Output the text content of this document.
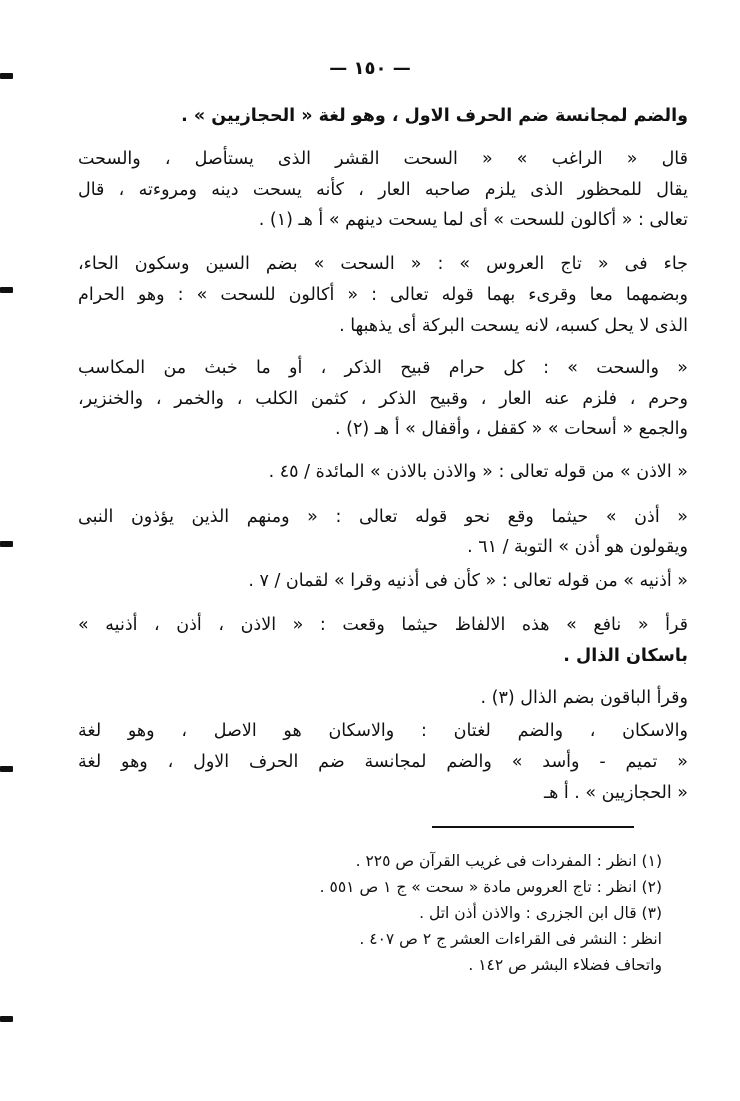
— ١٥٠ —
والضم لمجانسة ضم الحرف الاول ، وهو لغة « الحجازيين » .
قال « الراغب » « السحت القشر الذى يستأصل ، والسحت
يقال للمحظور الذى يلزم صاحبه العار ، كأنه يسحت دينه ومروءته ، قال
تعالى : « أكالون للسحت » أى لما يسحت دينهم » أ هـ (١) .
جاء فى « تاج العروس » : « السحت » بضم السين وسكون الحاء،
وبضمهما معا وقرىء بهما قوله تعالى : « أكالون للسحت » : وهو الحرام
الذى لا يحل كسبه، لانه يسحت البركة أى يذهبها .
« والسحت » : كل حرام قبيح الذكر ، أو ما خبث من المكاسب
وحرم ، فلزم عنه العار ، وقبيح الذكر ، كثمن الكلب ، والخمر ، والخنزير،
والجمع « أسحات » « كقفل ، وأقفال » أ هـ (٢) .
« الاذن » من قوله تعالى : « والاذن بالاذن » المائدة / ٤٥ .
« أذن » حيثما وقع نحو قوله تعالى : « ومنهم الذين يؤذون النبى
ويقولون هو أذن » التوبة / ٦١ .
« أذنيه » من قوله تعالى : « كأن فى أذنيه وقرا » لقمان / ٧ .
قرأ « نافع » هذه الالفاظ حيثما وقعت : « الاذن ، أذن ، أذنيه »
باسكان الذال .
وقرأ الباقون بضم الذال (٣) .
والاسكان ، والضم لغتان : والاسكان هو الاصل ، وهو لغة
« تميم - وأسد » والضم لمجانسة ضم الحرف الاول ، وهو لغة
« الحجازيين » . أ هـ
(١) انظر : المفردات فى غريب القرآن ص ٢٢٥ .
(٢) انظر : تاج العروس مادة « سحت » ج ١ ص ٥٥١ .
(٣) قال ابن الجزرى : والاذن أذن اتل .
انظر : النشر فى القراءات العشر ج ٢ ص ٤٠٧ .
واتحاف فضلاء البشر ص ١٤٢ .
